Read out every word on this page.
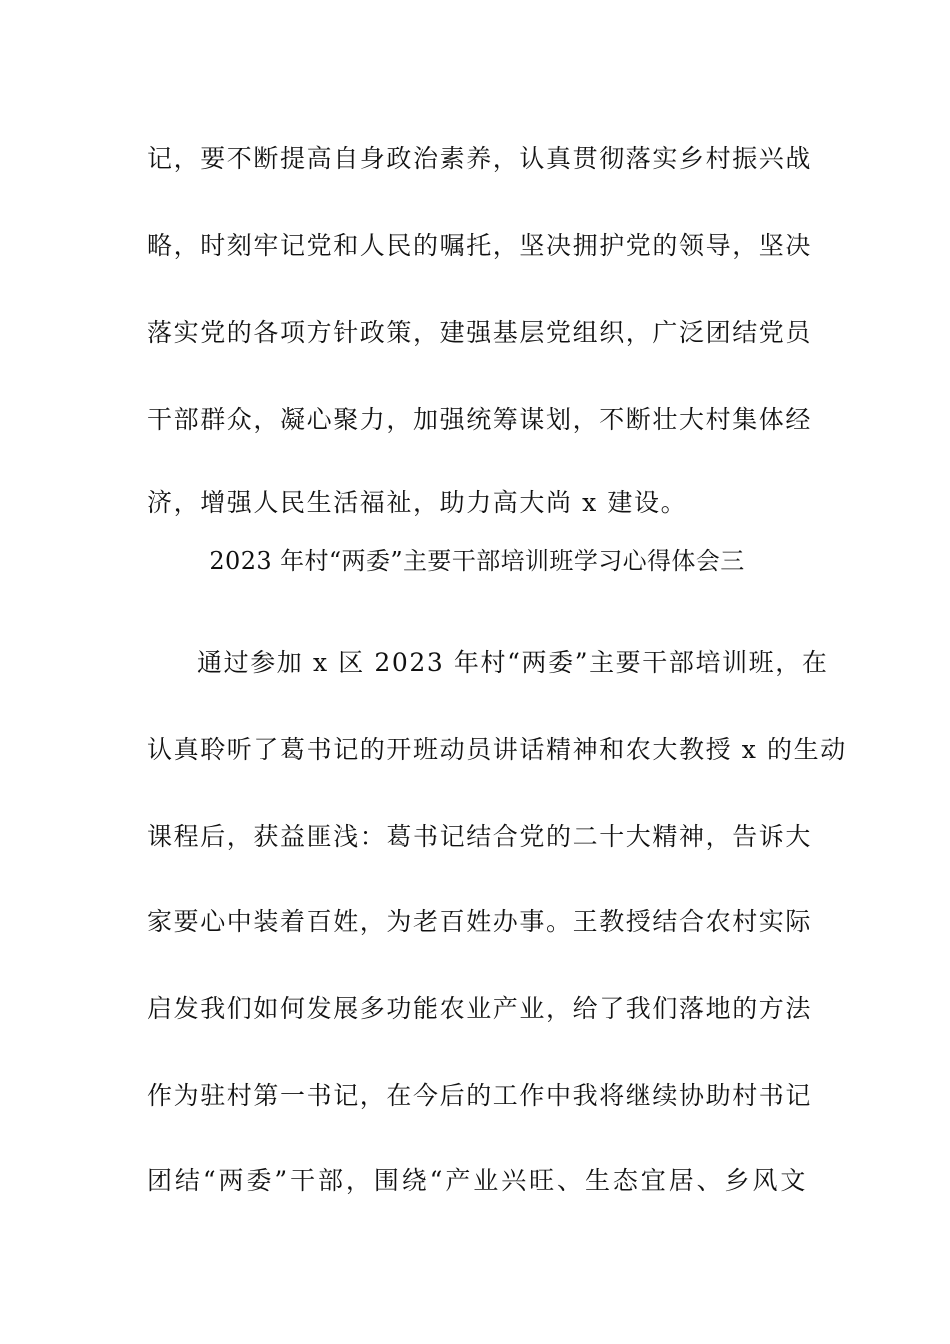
记，要不断提高自身政治素养，认真贯彻落实乡村振兴战
略，时刻牢记党和人民的嘱托，坚决拥护党的领导，坚决
落实党的各项方针政策，建强基层党组织，广泛团结党员
干部群众，凝心聚力，加强统筹谋划，不断壮大村集体经
济，增强人民生活福祉，助力高大尚 x 建设。
2023 年村“两委”主要干部培训班学习心得体会三
通过参加 x 区 2023 年村“两委”主要干部培训班，在
认真聆听了葛书记的开班动员讲话精神和农大教授 x 的生动
课程后，获益匪浅：葛书记结合党的二十大精神，告诉大
家要心中装着百姓，为老百姓办事。王教授结合农村实际
启发我们如何发展多功能农业产业，给了我们落地的方法
作为驻村第一书记，在今后的工作中我将继续协助村书记
团结“两委”干部，围绕“产业兴旺、生态宜居、乡风文
